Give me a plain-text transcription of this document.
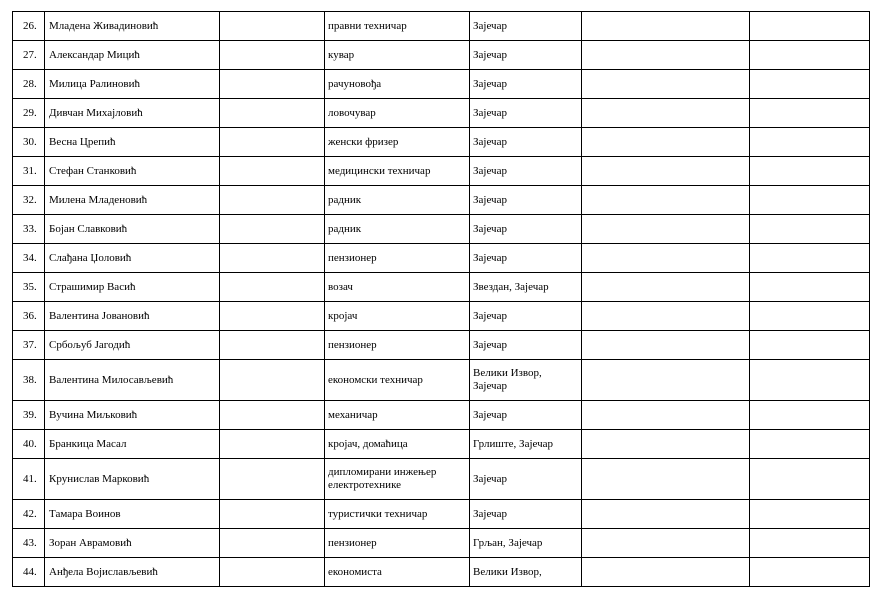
26.	Младена Живадиновић		правни техничар	Зајечар		
27.	Александар Мицић		кувар	Зајечар		
28.	Милица Ралиновић		рачуновођа	Зајечар		
29.	Дивчан Михајловић		ловочувар	Зајечар		
30.	Весна Црепић		женски фризер	Зајечар		
31.	Стефан Станковић		медицински техничар	Зајечар		
32.	Милена Младеновић		радник	Зајечар		
33.	Бојан Славковић		радник	Зајечар		
34.	Слађана Џоловић		пензионер	Зајечар		
35.	Страшимир Васић		возач	Звездан, Зајечар		
36.	Валентина Јовановић		кројач	Зајечар		
37.	Србољуб Јагодић		пензионер	Зајечар		
38.	Валентина Милосављевић		економски техничар	Велики Извор, Зајечар		
39.	Вучина Миљковић		механичар	Зајечар		
40.	Бранкица Масал		кројач, домаћица	Грлиште, Зајечар		
41.	Крунислав Марковић		дипломирани инжењер електротехнике	Зајечар		
42.	Тамара Воинов		туристички техничар	Зајечар		
43.	Зоран Аврамовић		пензионер	Грљан, Зајечар		
44.	Анђела Војислављевић		економиста	Велики Извор,		
